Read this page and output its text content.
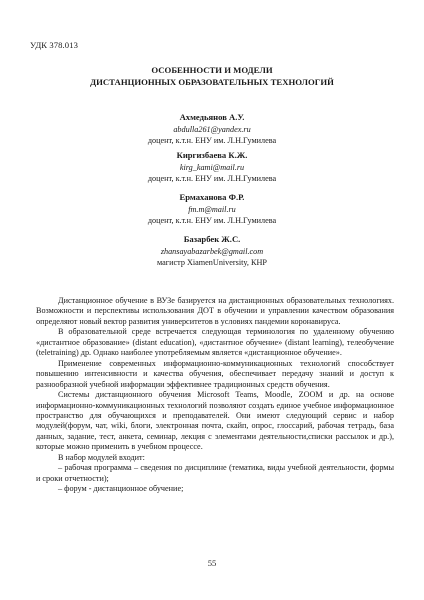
УДК 378.013
ОСОБЕННОСТИ И МОДЕЛИ
ДИСТАНЦИОННЫХ ОБРАЗОВАТЕЛЬНЫХ ТЕХНОЛОГИЙ
Ахмедьянов А.У.
abdulla261@yandex.ru
доцент, к.т.н. ЕНУ им. Л.Н.Гумилева
Киргизбаева К.Ж.
kirg_kami@mail.ru
доцент, к.т.н. ЕНУ им. Л.Н.Гумилева
Ермаханова Ф.Р.
fm.m@mail.ru
доцент, к.т.н. ЕНУ им. Л.Н.Гумилева
Базарбек Ж.С.
zhansayabazarbek@gmail.com
магистр XiamenUniversity, КНР

Дистанционное обучение в ВУЗе базируется на дистанционных образовательных технологиях. Возможности и перспективы использования ДОТ в обучении и управлении качеством образования определяют новый вектор развития университетов в условиях пандемии коронавируса.

В образовательной среде встречается следующая терминология по удаленному обучению «дистантное образование» (distant education), «дистантное обучение» (distant learning), телеобучение (teletraining) др. Однако наиболее употребляемым является «дистанционное обучение».

Применение современных информационно-коммуникационных технологий способствует повышению интенсивности и качества обучения, обеспечивает передачу знаний и доступ к разнообразной учебной информации эффективнее традиционных средств обучения.

Системы дистанционного обучения Microsoft Teams, Moodle, ZOOM и др. на основе информационно-коммуникационных технологий позволяют создать единое учебное информационное пространство для обучающихся и преподавателей. Они имеют следующий сервис и набор модулей(форум, чат, wiki, блоги, электронная почта, скайп, опрос, глоссарий, рабочая тетрадь, база данных, задание, тест, анкета, семинар, лекция с элементами деятельности,списки рассылок и др.), которые можно применить в учебном процессе.

В набор модулей входит:

– рабочая программа – сведения по дисциплине (тематика, виды учебной деятельности, формы и сроки отчетности);

– форум - дистанционное обучение;

55
